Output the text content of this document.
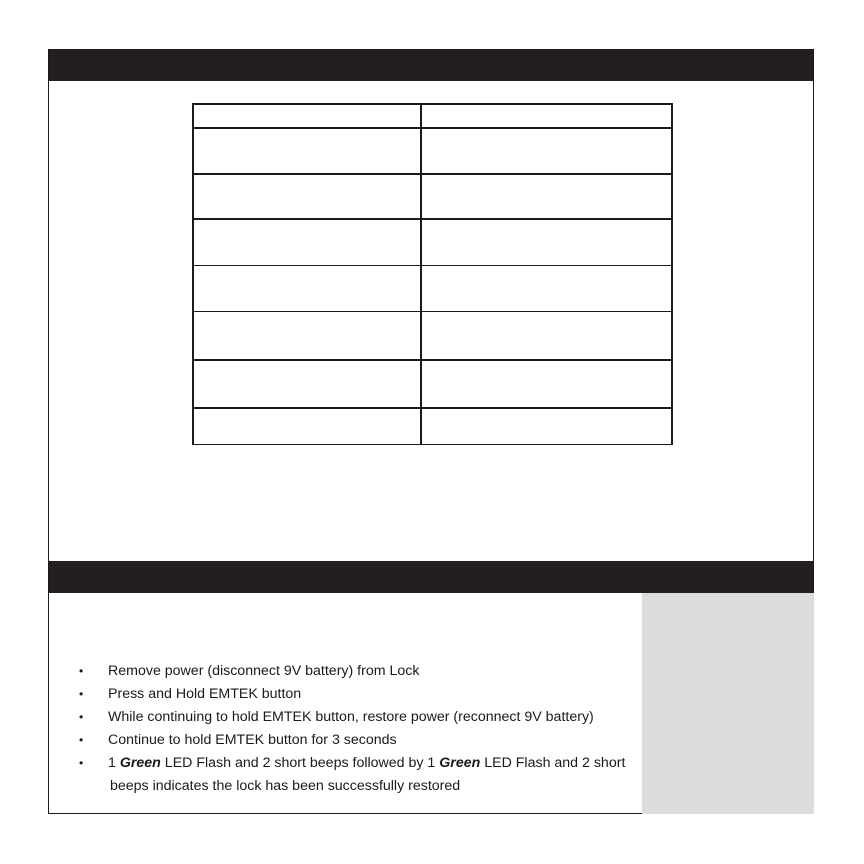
• Remove power (disconnect 9V battery) from Lock
• Press and Hold EMTEK button
• While continuing to hold EMTEK button, restore power (reconnect 9V battery)
• Continue to hold EMTEK button for 3 seconds
• 1 Green LED Flash and 2 short beeps followed by 1 Green LED Flash and 2 short
beeps indicates the lock has been successfully restored
